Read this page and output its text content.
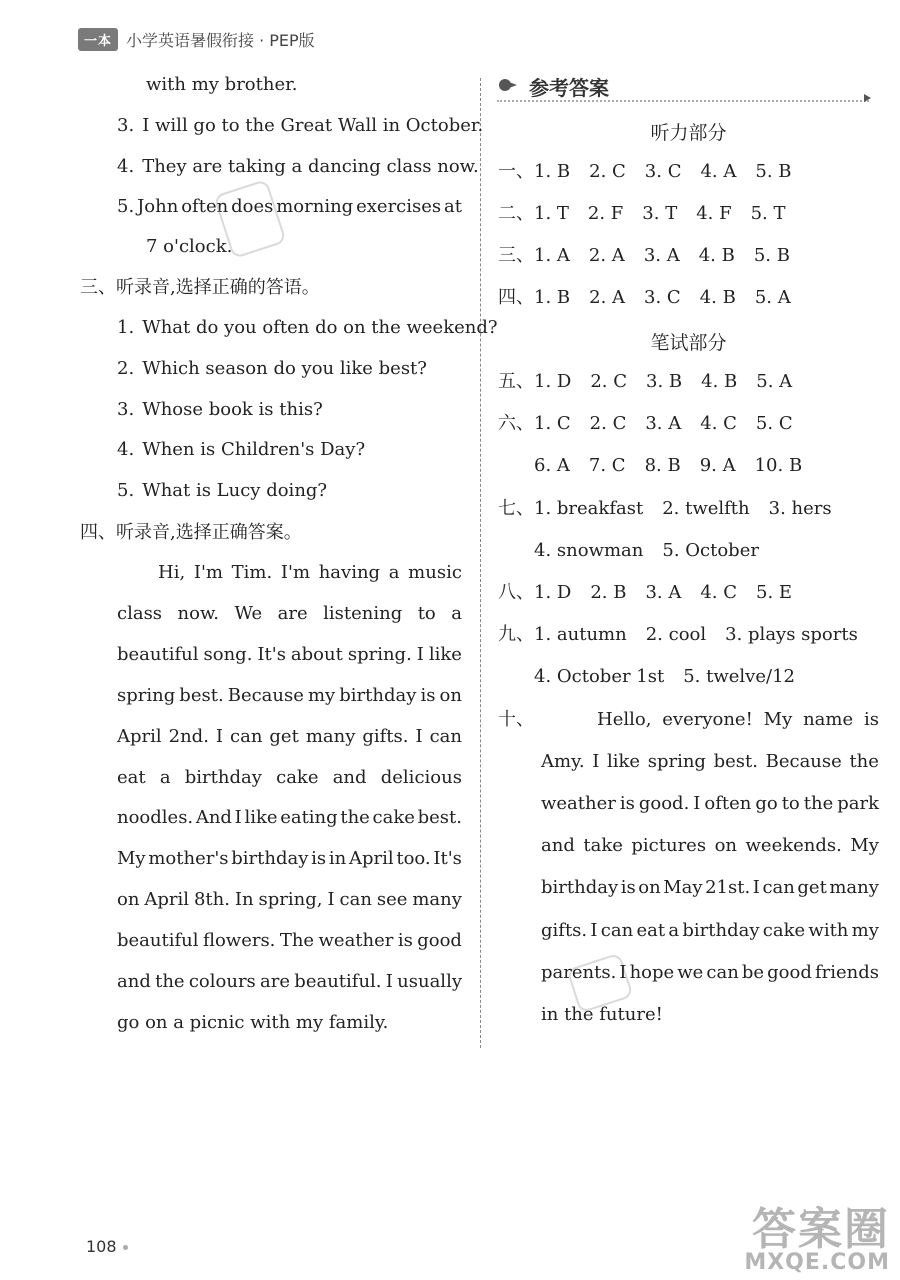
一本 小学英语暑假衔接 · PEP版
with my brother.
3. I will go to the Great Wall in October.
4. They are taking a dancing class now.
5. John often does morning exercises at
7 o'clock.
三、听录音,选择正确的答语。
1. What do you often do on the weekend?
2. Which season do you like best?
3. Whose book is this?
4. When is Children's Day?
5. What is Lucy doing?
四、听录音,选择正确答案。
Hi, I'm Tim. I'm having a music
class now. We are listening to a
beautiful song. It's about spring. I like
spring best. Because my birthday is on
April 2nd. I can get many gifts. I can
eat a birthday cake and delicious
noodles. And I like eating the cake best.
My mother's birthday is in April too. It's
on April 8th. In spring, I can see many
beautiful flowers. The weather is good
and the colours are beautiful. I usually
go on a picnic with my family.
参考答案
听力部分
笔试部分
一、 1. B 2. C 3. C 4. A 5. B
二、 1. T 2. F 3. T 4. F 5. T
三、 1. A 2. A 3. A 4. B 5. B
四、 1. B 2. A 3. C 4. B 5. A
五、 1. D 2. C 3. B 4. B 5. A
六、 1. C 2. C 3. A 4. C 5. C
6. A 7. C 8. B 9. A 10. B
七、 1. breakfast 2. twelfth 3. hers
4. snowman 5. October
八、 1. D 2. B 3. A 4. C 5. E
九、 1. autumn 2. cool 3. plays sports
4. October 1st 5. twelve/12
十、	Hello, everyone! My name is
Amy. I like spring best. Because the
weather is good. I often go to the park
and take pictures on weekends. My
birthday is on May 21st. I can get many
gifts. I can eat a birthday cake with my
parents. I hope we can be good friends
in the future!
108	答案圈
MXQE.COM
